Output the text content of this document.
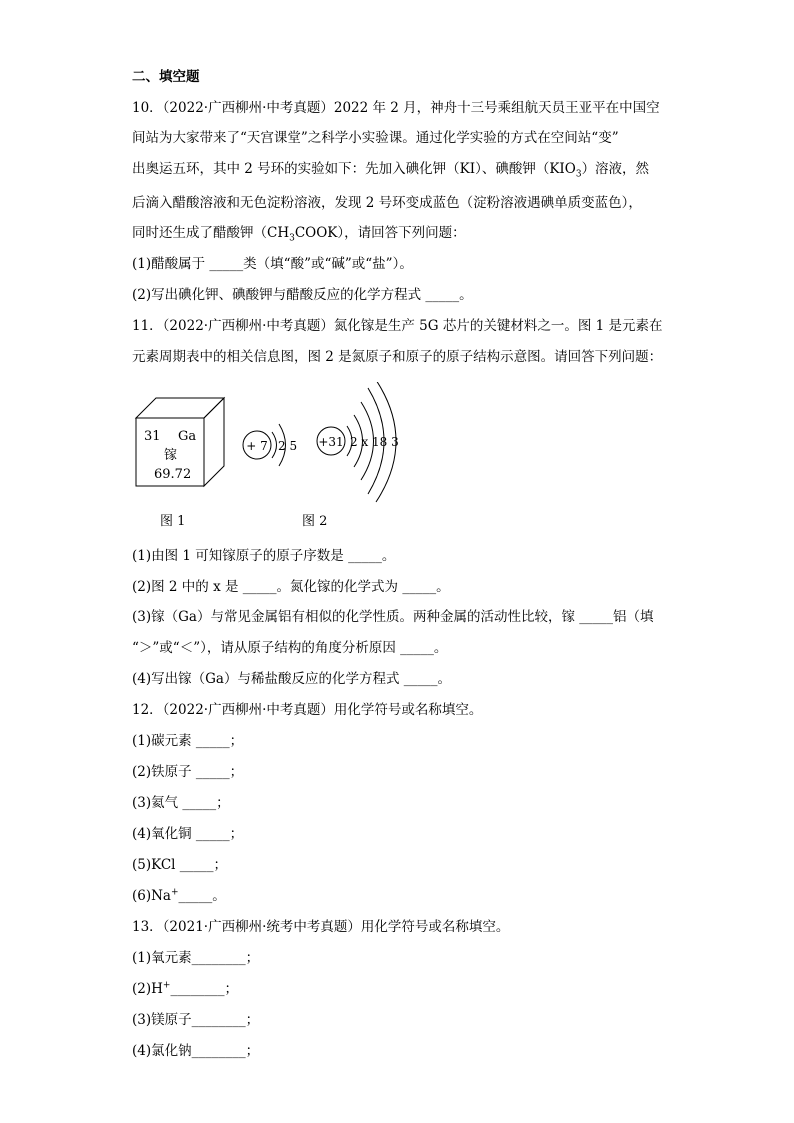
二、填空题
10．（2022·广西柳州·中考真题）2022 年 2 月，神舟十三号乘组航天员王亚平在中国空
间站为大家带来了“天宫课堂”之科学小实验课。通过化学实验的方式在空间站“变”
出奥运五环，其中 2 号环的实验如下：先加入碘化钾（KI）、碘酸钾$(KIO_3)$溶液，然
后滴入醋酸溶液和无色淀粉溶液，发现 2 号环变成蓝色（淀粉溶液遇碘单质变蓝色），
同时还生成了醋酸钾$(CH_3COOK)$，请回答下列问题：
(1)醋酸属于 _____类（填“酸”或“碱”或“盐”）。
(2)写出碘化钾、碘酸钾与醋酸反应的化学方程式 _____。
11．（2022·广西柳州·中考真题）氮化镓是生产 5G 芯片的关键材料之一。图 1 是元素在
元素周期表中的相关信息图，图 2 是氮原子和原子的原子结构示意图。请回答下列问题：
31 Ga
镓
69.72
+ 7 2 5 +31 2 x 18 3
图 1	图 2
(1)由图 1 可知镓原子的原子序数是 _____。
(2)图 2 中的 x 是 _____。氮化镓的化学式为 _____。
(3)镓（Ga）与常见金属铝有相似的化学性质。两种金属的活动性比较，镓 _____铝（填
“＞”或“＜”），请从原子结构的角度分析原因 _____。
(4)写出镓（Ga）与稀盐酸反应的化学方程式 _____。
12．（2022·广西柳州·中考真题）用化学符号或名称填空。
(1)碳元素 _____；
(2)铁原子 _____；
(3)氦气 _____；
(4)氧化铜 _____；
(5)KCl _____；
(6)Na+_____。
13．（2021·广西柳州·统考中考真题）用化学符号或名称填空。
(1)氧元素________；
(2)H+________；
(3)镁原子________；
(4)氯化钠________；
